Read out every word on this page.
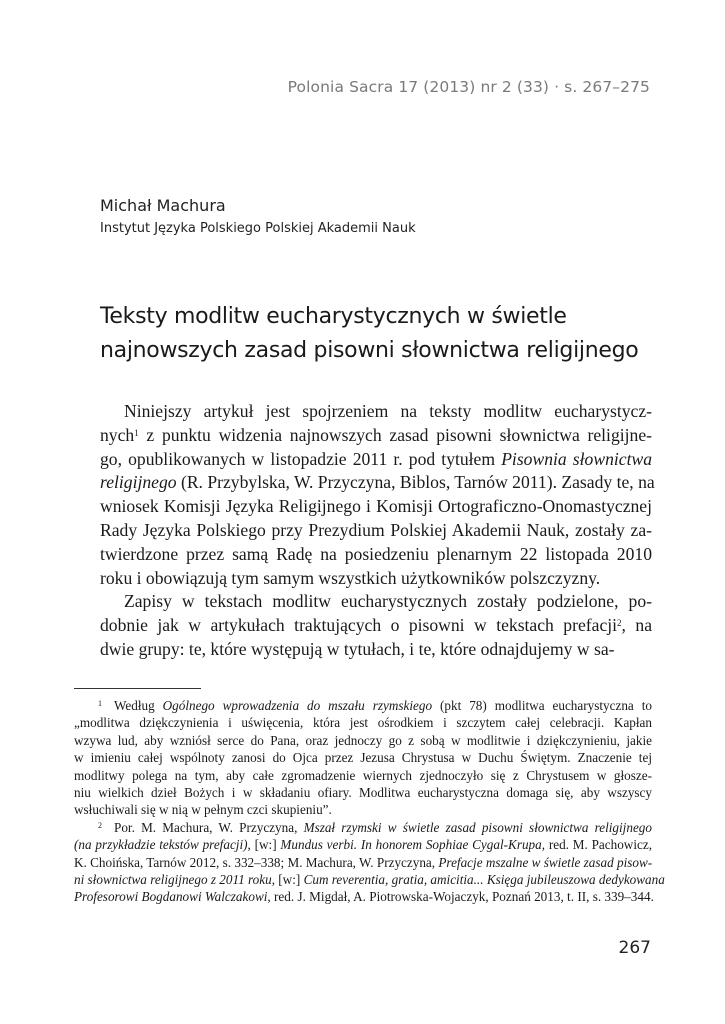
Polonia Sacra 17 (2013) nr 2 (33) · s. 267–275
Michał Machura
Instytut Języka Polskiego Polskiej Akademii Nauk
Teksty modlitw eucharystycznych w świetle
najnowszych zasad pisowni słownictwa religijnego
Niniejszy artykuł jest spojrzeniem na teksty modlitw eucharystycz-
nych$^1$ z punktu widzenia najnowszych zasad pisowni słownictwa religijne-
go, opublikowanych w listopadzie 2011 r. pod tytułem Pisownia słownictwa
religijnego (R. Przybylska, W. Przyczyna, Biblos, Tarnów 2011). Zasady te, na
wniosek Komisji Języka Religijnego i Komisji Ortograficzno-Onomastycznej
Rady Języka Polskiego przy Prezydium Polskiej Akademii Nauk, zostały za-
twierdzone przez samą Radę na posiedzeniu plenarnym 22 listopada 2010
roku i obowiązują tym samym wszystkich użytkowników polszczyzny.
Zapisy w tekstach modlitw eucharystycznych zostały podzielone, po-
dobnie jak w artykułach traktujących o pisowni w tekstach prefacji$^2$, na
dwie grupy: te, które występują w tytułach, i te, które odnajdujemy w sa-
1 Według Ogólnego wprowadzenia do mszału rzymskiego (pkt 78) modlitwa eucharystyczna to
„modlitwa dziękczynienia i uświęcenia, która jest ośrodkiem i szczytem całej celebracji. Kapłan
wzywa lud, aby wzniósł serce do Pana, oraz jednoczy go z sobą w modlitwie i dziękczynieniu, jakie
w imieniu całej wspólnoty zanosi do Ojca przez Jezusa Chrystusa w Duchu Świętym. Znaczenie tej
modlitwy polega na tym, aby całe zgromadzenie wiernych zjednoczyło się z Chrystusem w głosze-
niu wielkich dzieł Bożych i w składaniu ofiary. Modlitwa eucharystyczna domaga się, aby wszyscy
wsłuchiwali się w nią w pełnym czci skupieniu”.
2 Por. M. Machura, W. Przyczyna, Mszał rzymski w świetle zasad pisowni słownictwa religijnego
(na przykładzie tekstów prefacji), [w:] Mundus verbi. In honorem Sophiae Cygal-Krupa, red. M. Pachowicz,
K. Choińska, Tarnów 2012, s. 332–338; M. Machura, W. Przyczyna, Prefacje mszalne w świetle zasad pisow-
ni słownictwa religijnego z 2011 roku, [w:] Cum reverentia, gratia, amicitia... Księga jubileuszowa dedykowana
Profesorowi Bogdanowi Walczakowi, red. J. Migdał, A. Piotrowska-Wojaczyk, Poznań 2013, t. II, s. 339–344.
267
